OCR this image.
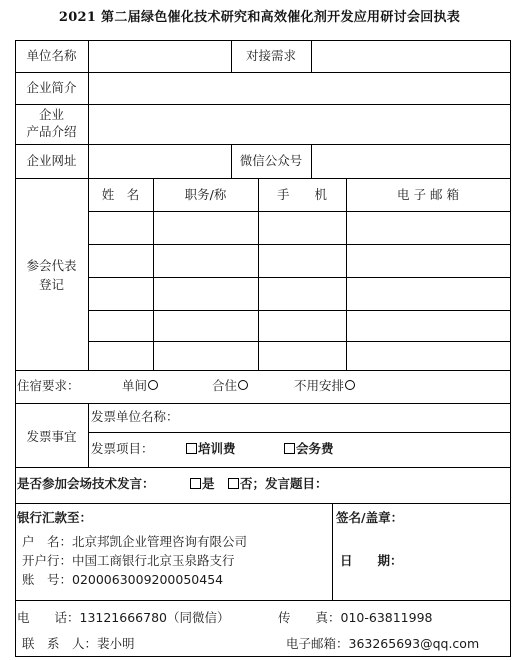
2021 第二届绿色催化技术研究和高效催化剂开发应用研讨会回执表
单位名称	对接需求
企业简介
企业
产品介绍
企业网址	微信公众号
参会代表
登记
姓　名	职务/称	手　　机	电 子 邮 箱
住宿要求：	单间	合住	不用安排
发票事宜
发票单位名称：
发票项目：	培训费	会务费
是否参加会场技术发言：	是	否；发言题目：
银行汇款至：
户　名：北京邦凯企业管理咨询有限公司
开户行：中国工商银行北京玉泉路支行
账　号：0200063009200050454
签名/盖章：
日　　期：
电　　话：13121666780（同微信）	传　　真：010-63811998
联　系　人：裴小明	电子邮箱：363265693@qq.com
